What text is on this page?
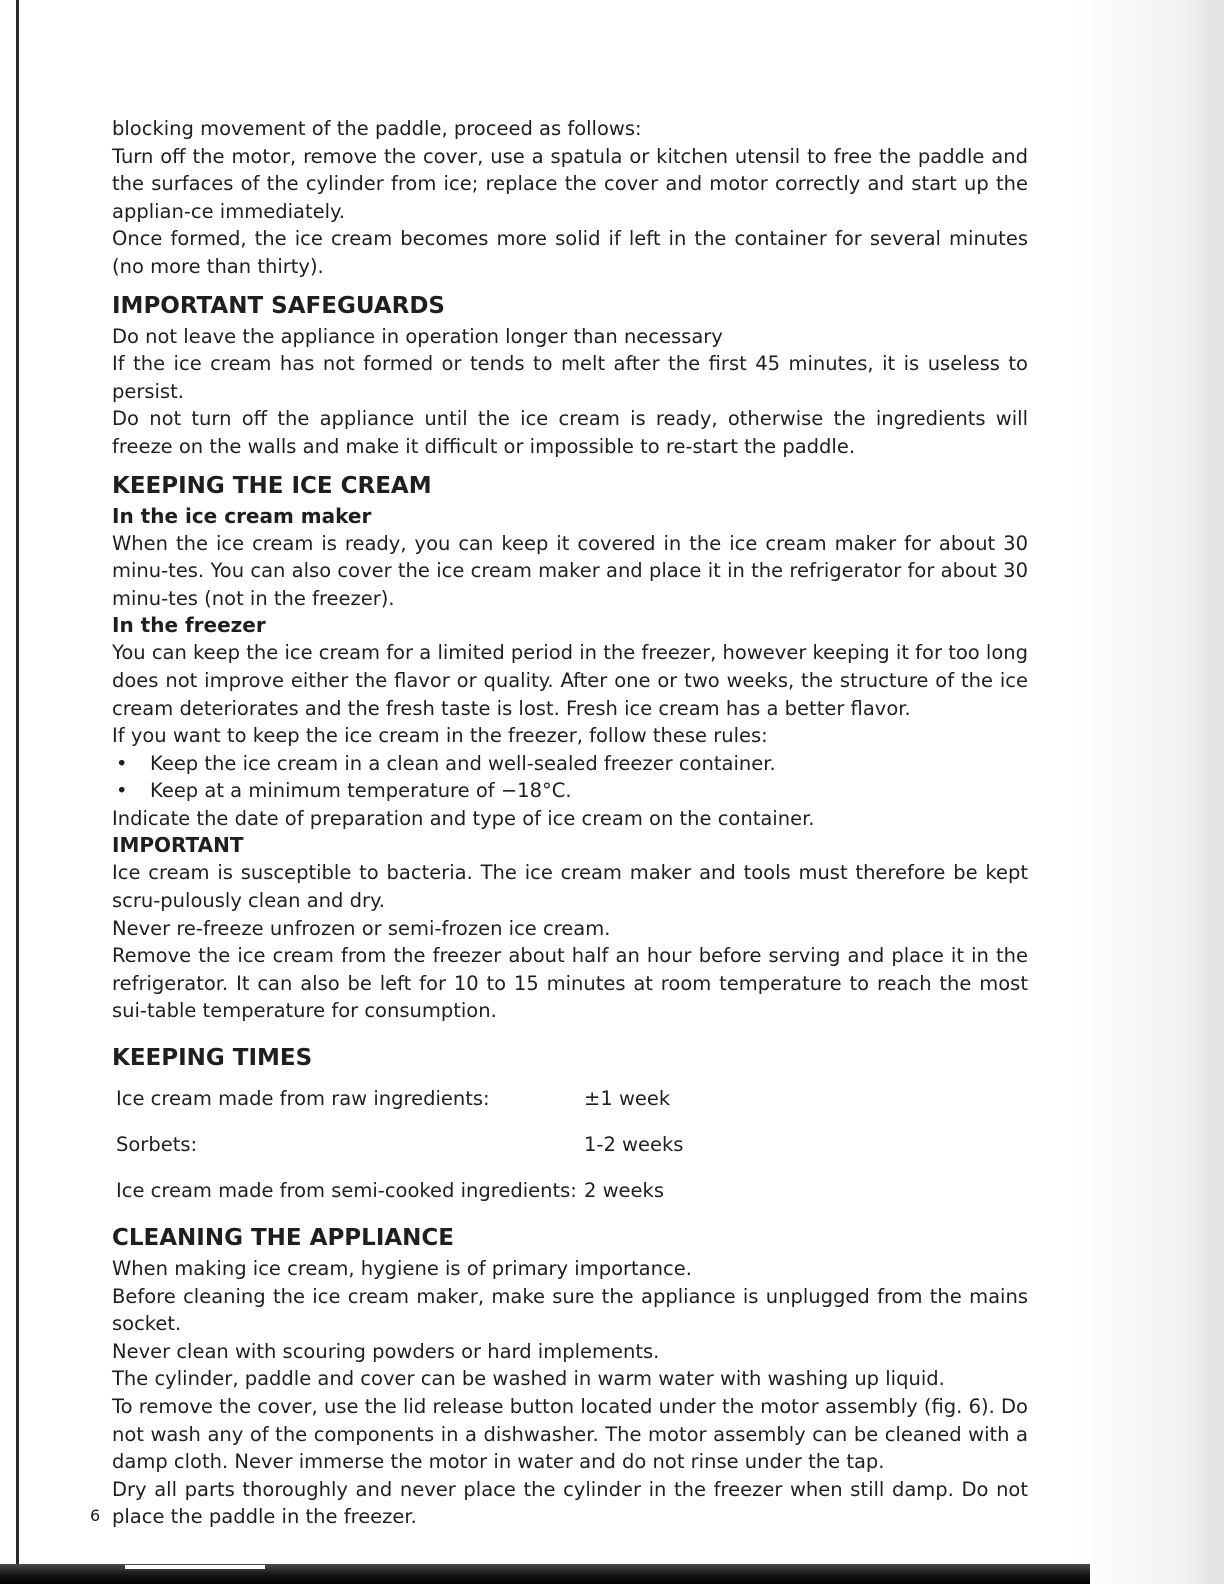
blocking movement of the paddle, proceed as follows:

Turn off the motor, remove the cover, use a spatula or kitchen utensil to free the paddle and the surfaces of the cylinder from ice; replace the cover and motor correctly and start up the applian-ce immediately.

Once formed, the ice cream becomes more solid if left in the container for several minutes (no more than thirty).

IMPORTANT SAFEGUARDS

Do not leave the appliance in operation longer than necessary

If the ice cream has not formed or tends to melt after the first 45 minutes, it is useless to persist.

Do not turn off the appliance until the ice cream is ready, otherwise the ingredients will freeze on the walls and make it difficult or impossible to re-start the paddle.

KEEPING THE ICE CREAM
In the ice cream maker

When the ice cream is ready, you can keep it covered in the ice cream maker for about 30 minu-tes. You can also cover the ice cream maker and place it in the refrigerator for about 30 minu-tes (not in the freezer).

In the freezer

You can keep the ice cream for a limited period in the freezer, however keeping it for too long does not improve either the flavor or quality. After one or two weeks, the structure of the ice cream deteriorates and the fresh taste is lost. Fresh ice cream has a better flavor.

If you want to keep the ice cream in the freezer, follow these rules:

• Keep the ice cream in a clean and well-sealed freezer container.
• Keep at a minimum temperature of −18°C.

Indicate the date of preparation and type of ice cream on the container.

IMPORTANT

Ice cream is susceptible to bacteria. The ice cream maker and tools must therefore be kept scru-pulously clean and dry.

Never re-freeze unfrozen or semi-frozen ice cream.

Remove the ice cream from the freezer about half an hour before serving and place it in the refrigerator. It can also be left for 10 to 15 minutes at room temperature to reach the most sui-table temperature for consumption.

KEEPING TIMES
Ice cream made from raw ingredients:	±1 week
Sorbets:	1-2 weeks
Ice cream made from semi-cooked ingredients: 2 weeks
CLEANING THE APPLIANCE

When making ice cream, hygiene is of primary importance.

Before cleaning the ice cream maker, make sure the appliance is unplugged from the mains socket.

Never clean with scouring powders or hard implements.

The cylinder, paddle and cover can be washed in warm water with washing up liquid.

To remove the cover, use the lid release button located under the motor assembly (fig. 6). Do not wash any of the components in a dishwasher. The motor assembly can be cleaned with a damp cloth. Never immerse the motor in water and do not rinse under the tap.

Dry all parts thoroughly and never place the cylinder in the freezer when still damp. Do not place the paddle in the freezer.

6
